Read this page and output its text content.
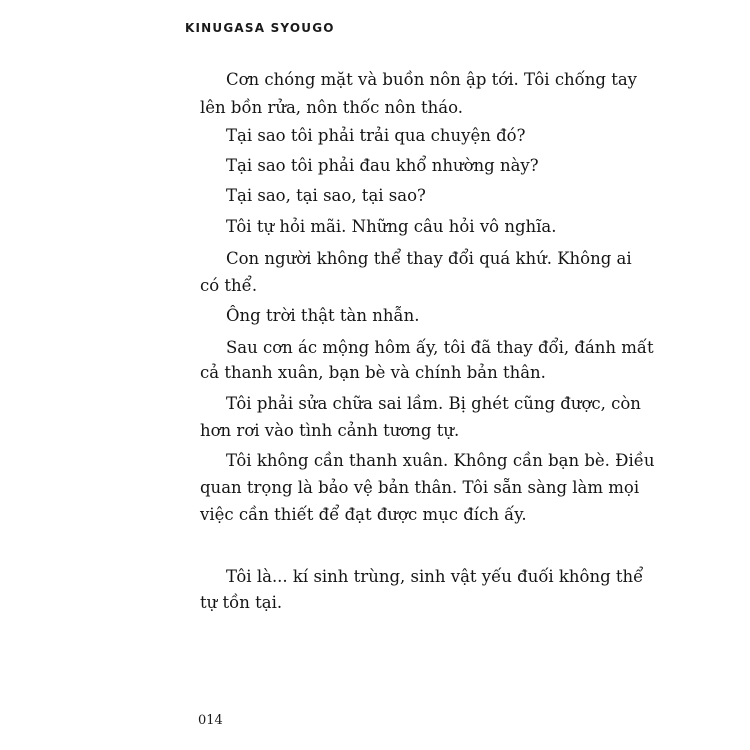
KINUGASA SYOUGO

Cơn chóng mặt và buồn nôn ập tới. Tôi chống tay

lên bồn rửa, nôn thốc nôn tháo.

Tại sao tôi phải trải qua chuyện đó?

Tại sao tôi phải đau khổ nhường này?

Tại sao, tại sao, tại sao?

Tôi tự hỏi mãi. Những câu hỏi vô nghĩa.

Con người không thể thay đổi quá khứ. Không ai

có thể.

Ông trời thật tàn nhẫn.

Sau cơn ác mộng hôm ấy, tôi đã thay đổi, đánh mất

cả thanh xuân, bạn bè và chính bản thân.

Tôi phải sửa chữa sai lầm. Bị ghét cũng được, còn

hơn rơi vào tình cảnh tương tự.

Tôi không cần thanh xuân. Không cần bạn bè. Điều

quan trọng là bảo vệ bản thân. Tôi sẵn sàng làm mọi

việc cần thiết để đạt được mục đích ấy.

Tôi là... kí sinh trùng, sinh vật yếu đuối không thể

tự tồn tại.

014
